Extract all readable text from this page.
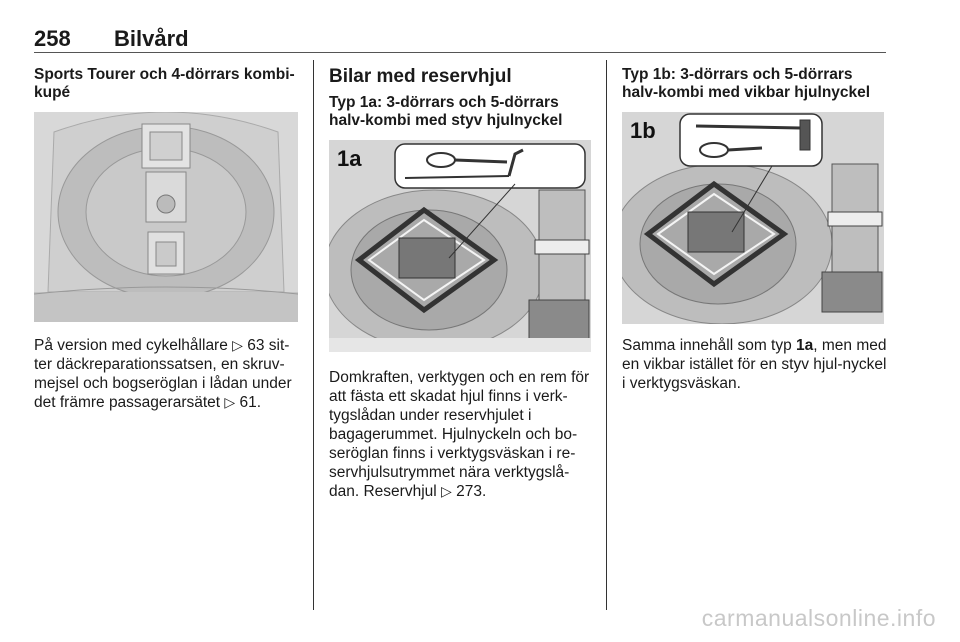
258 Bilvård

Sports Tourer och 4-dörrars kombi-kupé

På version med cykelhållare ▷ 63 sit-ter däckreparationssatsen, en skruv-mejsel och bogseröglan i lådan under det främre passagerarsätet ▷ 61.

Bilar med reservhjul

Typ 1a: 3-dörrars och 5-dörrars halv-kombi med styv hjulnyckel

1a

Domkraften, verktygen och en rem för att fästa ett skadat hjul finns i verk-tygslådan under reservhjulet i bagagerummet. Hjulnyckeln och bo-seröglan finns i verktygsväskan i re-servhjulsutrymmet nära verktygslå-dan. Reservhjul ▷ 273.

Typ 1b: 3-dörrars och 5-dörrars halv-kombi med vikbar hjulnyckel

1b

Samma innehåll som typ 1a, men med en vikbar istället för en styv hjul-nyckel i verktygsväskan.

carmanualsonline.info
